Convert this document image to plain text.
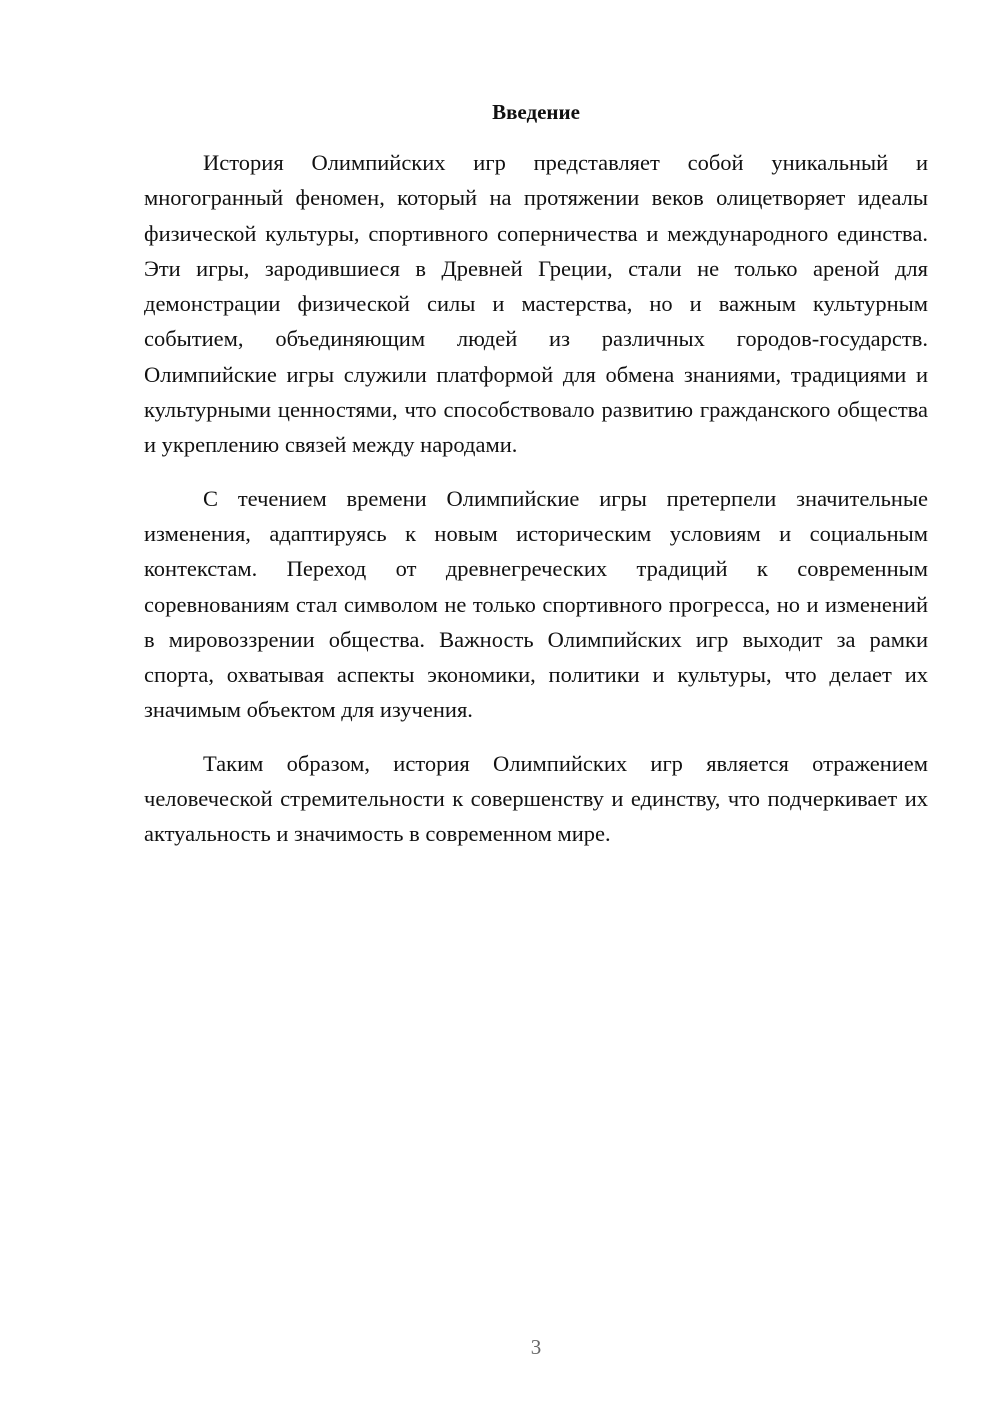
Введение

История Олимпийских игр представляет собой уникальный и многогранный феномен, который на протяжении веков олицетворяет идеалы физической культуры, спортивного соперничества и международного единства. Эти игры, зародившиеся в Древней Греции, стали не только ареной для демонстрации физической силы и мастерства, но и важным культурным событием, объединяющим людей из различных городов-государств. Олимпийские игры служили платформой для обмена знаниями, традициями и культурными ценностями, что способствовало развитию гражданского общества и укреплению связей между народами.

С течением времени Олимпийские игры претерпели значительные изменения, адаптируясь к новым историческим условиям и социальным контекстам. Переход от древнегреческих традиций к современным соревнованиям стал символом не только спортивного прогресса, но и изменений в мировоззрении общества. Важность Олимпийских игр выходит за рамки спорта, охватывая аспекты экономики, политики и культуры, что делает их значимым объектом для изучения.

Таким образом, история Олимпийских игр является отражением человеческой стремительности к совершенству и единству, что подчеркивает их актуальность и значимость в современном мире.

3
